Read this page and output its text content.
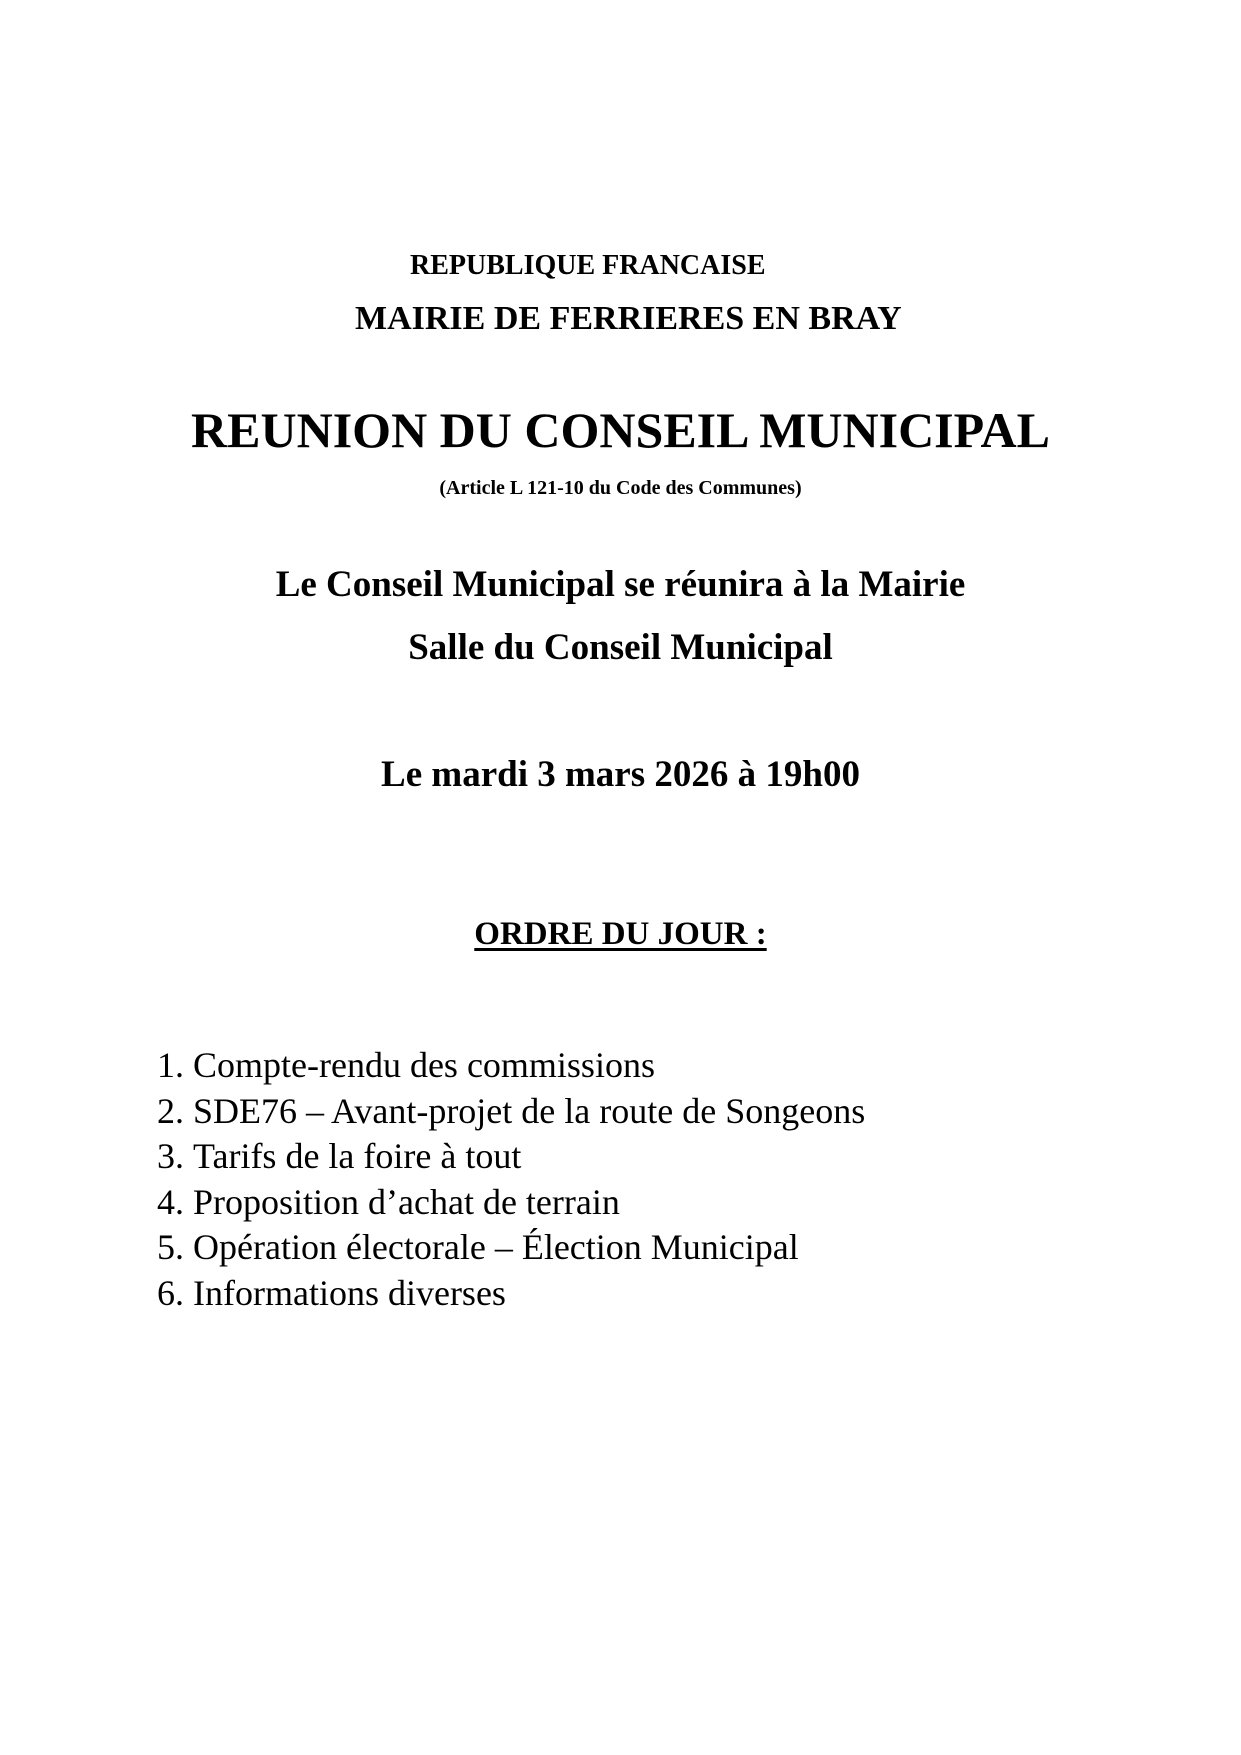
REPUBLIQUE FRANCAISE
MAIRIE DE FERRIERES EN BRAY
REUNION DU CONSEIL MUNICIPAL
(Article L 121-10 du Code des Communes)
Le Conseil Municipal se réunira à la Mairie
Salle du Conseil Municipal
Le mardi 3 mars 2026 à 19h00
ORDRE DU JOUR :
1. Compte-rendu des commissions
2. SDE76 – Avant-projet de la route de Songeons
3. Tarifs de la foire à tout
4. Proposition d’achat de terrain
5. Opération électorale – Élection Municipal
6. Informations diverses
